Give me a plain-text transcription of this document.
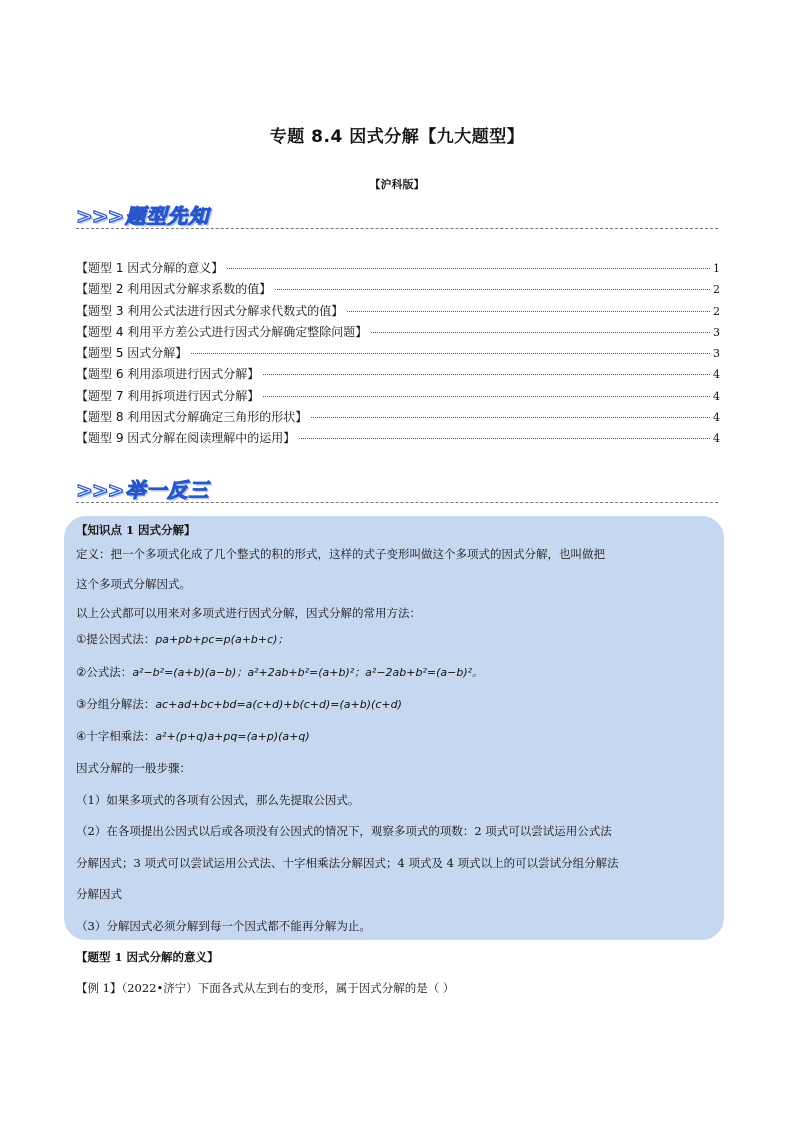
专题 8.4 因式分解【九大题型】
【沪科版】
>>> 题型先知
【题型 1 因式分解的意义】	1
【题型 2 利用因式分解求系数的值】	2
【题型 3 利用公式法进行因式分解求代数式的值】	2
【题型 4 利用平方差公式进行因式分解确定整除问题】	3
【题型 5 因式分解】	3
【题型 6 利用添项进行因式分解】	4
【题型 7 利用拆项进行因式分解】	4
【题型 8 利用因式分解确定三角形的形状】	4
【题型 9 因式分解在阅读理解中的运用】	4
>>> 举一反三
【知识点 1 因式分解】
定义：把一个多项式化成了几个整式的积的形式，这样的式子变形叫做这个多项式的因式分解，也叫做把
这个多项式分解因式。
以上公式都可以用来对多项式进行因式分解，因式分解的常用方法：
①提公因式法：pa+pb+pc=p(a+b+c)；
②公式法：a²−b²=(a+b)(a−b)；a²+2ab+b²=(a+b)²；a²−2ab+b²=(a−b)²。
③分组分解法：ac+ad+bc+bd=a(c+d)+b(c+d)=(a+b)(c+d)
④十字相乘法：a²+(p+q)a+pq=(a+p)(a+q)
因式分解的一般步骤：
（1）如果多项式的各项有公因式，那么先提取公因式。
（2）在各项提出公因式以后或各项没有公因式的情况下，观察多项式的项数：2 项式可以尝试运用公式法
分解因式；3 项式可以尝试运用公式法、十字相乘法分解因式；4 项式及 4 项式以上的可以尝试分组分解法
分解因式
（3）分解因式必须分解到每一个因式都不能再分解为止。
【题型 1 因式分解的意义】
【例 1】（2022•济宁）下面各式从左到右的变形，属于因式分解的是（ ）
